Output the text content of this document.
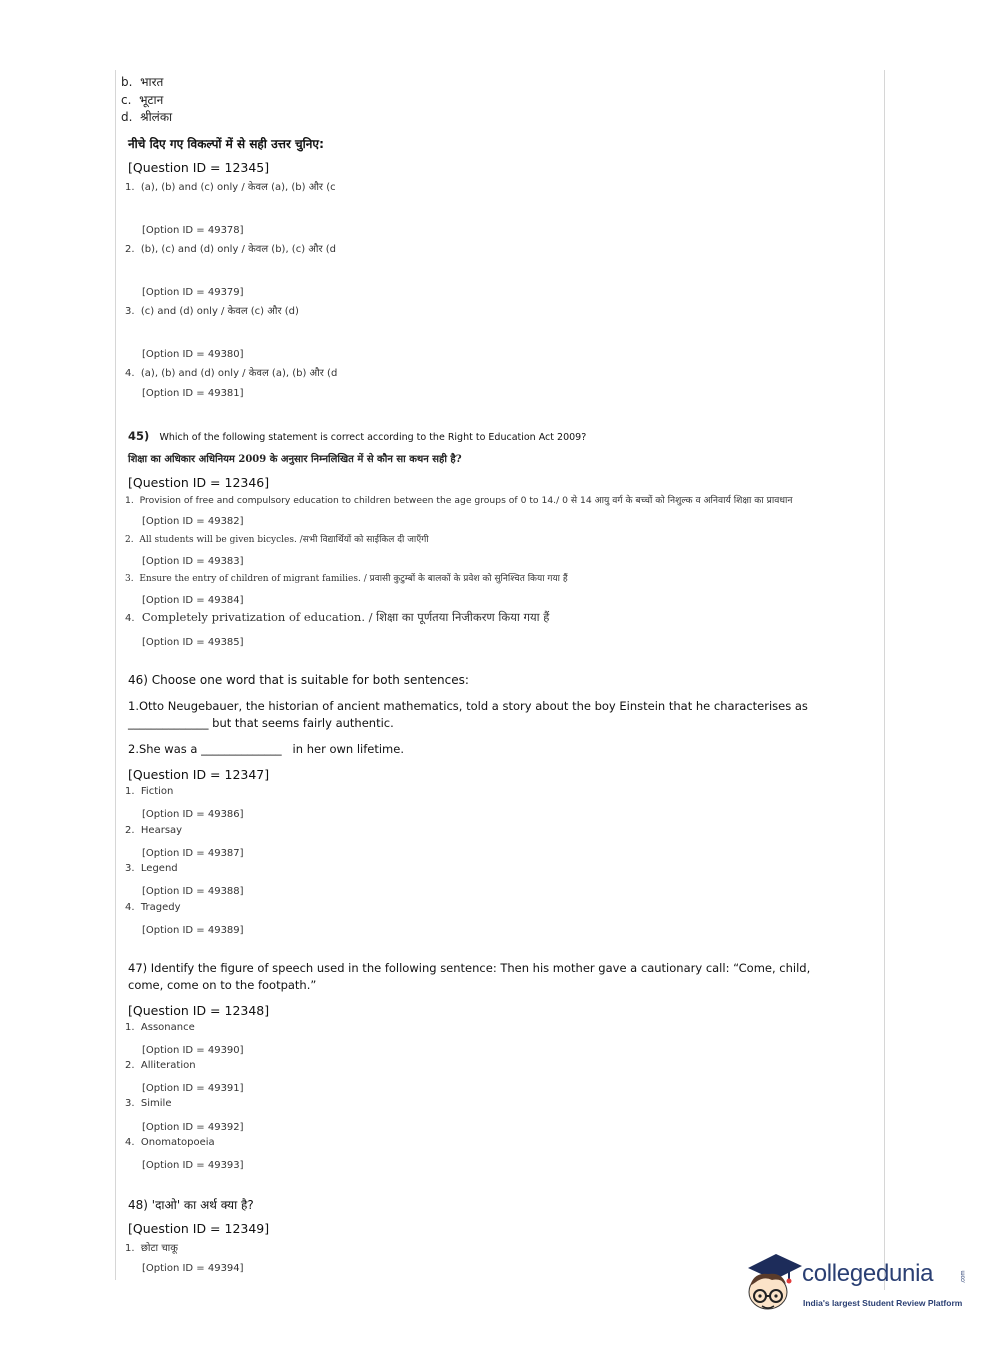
b. भारत
c. भूटान
d. श्रीलंका
नीचे दिए गए विकल्पों में से सही उत्तर चुनिए:
[Question ID = 12345]
1. (a), (b) and (c) only / केवल (a), (b) और (c
[Option ID = 49378]
2. (b), (c) and (d) only / केवल (b), (c) और (d
[Option ID = 49379]
3. (c) and (d) only / केवल (c) और (d)
[Option ID = 49380]
4. (a), (b) and (d) only / केवल (a), (b) और (d
[Option ID = 49381]
45) Which of the following statement is correct according to the Right to Education Act 2009?
शिक्षा का अधिकार अधिनियम 2009 के अनुसार निम्नलिखित में से कौन सा कथन सही है?
[Question ID = 12346]
1. Provision of free and compulsory education to children between the age groups of 0 to 14./ 0 से 14 आयु वर्ग के बच्चों को निशुल्क व अनिवार्य शिक्षा का प्रावधान
[Option ID = 49382]
2. All students will be given bicycles. /सभी विद्यार्थियों को साईकिल दी जाएँगी
[Option ID = 49383]
3. Ensure the entry of children of migrant families. / प्रवासी कुटुम्बों के बालकों के प्रवेश को सुनिश्चित किया गया हैं
[Option ID = 49384]
4. Completely privatization of education. / शिक्षा का पूर्णतया निजीकरण किया गया हैं
[Option ID = 49385]
46) Choose one word that is suitable for both sentences:
1.Otto Neugebauer, the historian of ancient mathematics, told a story about the boy Einstein that he characterises as
______________ but that seems fairly authentic.
2.She was a ______________   in her own lifetime.
[Question ID = 12347]
1. Fiction
[Option ID = 49386]
2. Hearsay
[Option ID = 49387]
3. Legend
[Option ID = 49388]
4. Tragedy
[Option ID = 49389]
47) Identify the figure of speech used in the following sentence: Then his mother gave a cautionary call: “Come, child,
come, come on to the footpath.”
[Question ID = 12348]
1. Assonance
[Option ID = 49390]
2. Alliteration
[Option ID = 49391]
3. Simile
[Option ID = 49392]
4. Onomatopoeia
[Option ID = 49393]
48) 'दाओ' का अर्थ क्या है?
[Question ID = 12349]
1. छोटा चाकू
[Option ID = 49394]	collegedunia	.com
India's largest Student Review Platform
